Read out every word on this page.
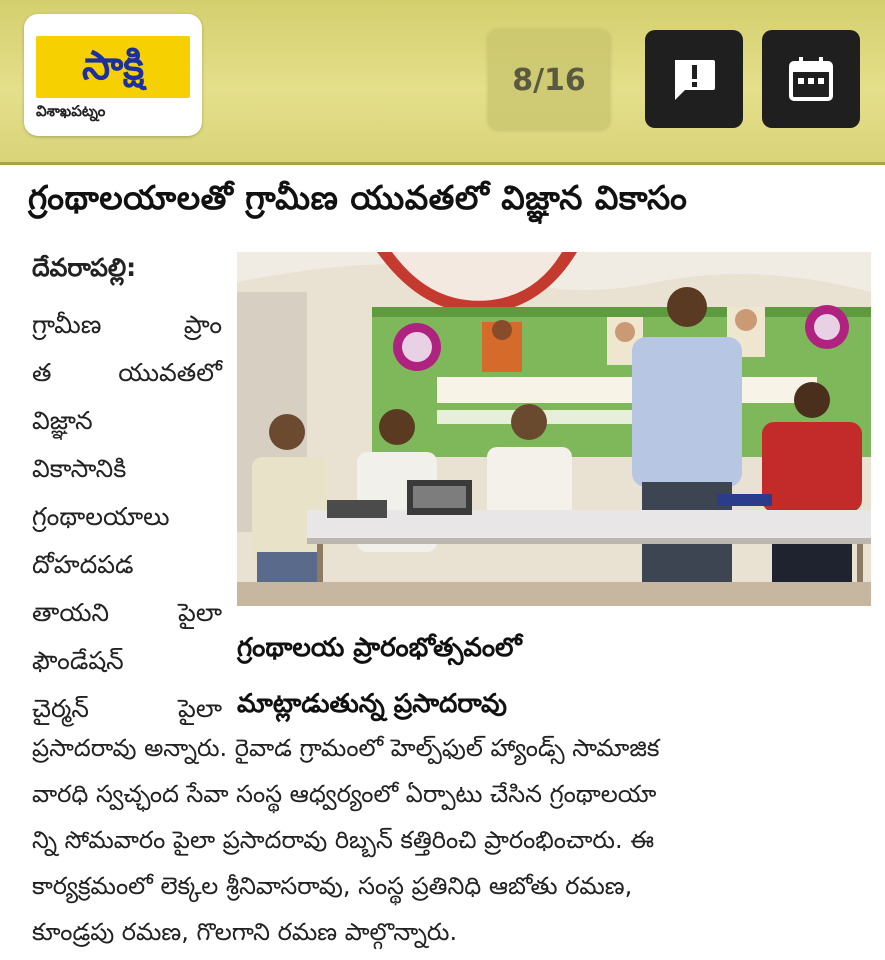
సాక్షి
విశాఖపట్నం
8/16
గ్రంథాలయాలతో గ్రామీణ యువతలో విజ్ఞాన వికాసం
దేవరాపల్లి:
గ్రామీణ	ప్రాం
త	యువతలో
విజ్ఞాన
వికాసానికి
గ్రంథాలయాలు
దోహదపడ
తాయని	పైలా
ఫౌండేషన్
చైర్మన్	పైలా
గ్రంథాలయ ప్రారంభోత్సవంలో
మాట్లాడుతున్న ప్రసాదరావు
ప్రసాదరావు అన్నారు. రైవాడ గ్రామంలో హెల్ప్‌ఫుల్ హ్యాండ్స్ సామాజిక
వారధి స్వచ్ఛంద సేవా సంస్థ ఆధ్వర్యంలో ఏర్పాటు చేసిన గ్రంథాలయా
న్ని సోమవారం పైలా ప్రసాదరావు రిబ్బన్ కత్తిరించి ప్రారంభించారు. ఈ
కార్యక్రమంలో లెక్కల శ్రీనివాసరావు, సంస్థ ప్రతినిధి ఆబోతు రమణ,
కూండ్రపు రమణ, గొలగాని రమణ పాల్గొన్నారు.
